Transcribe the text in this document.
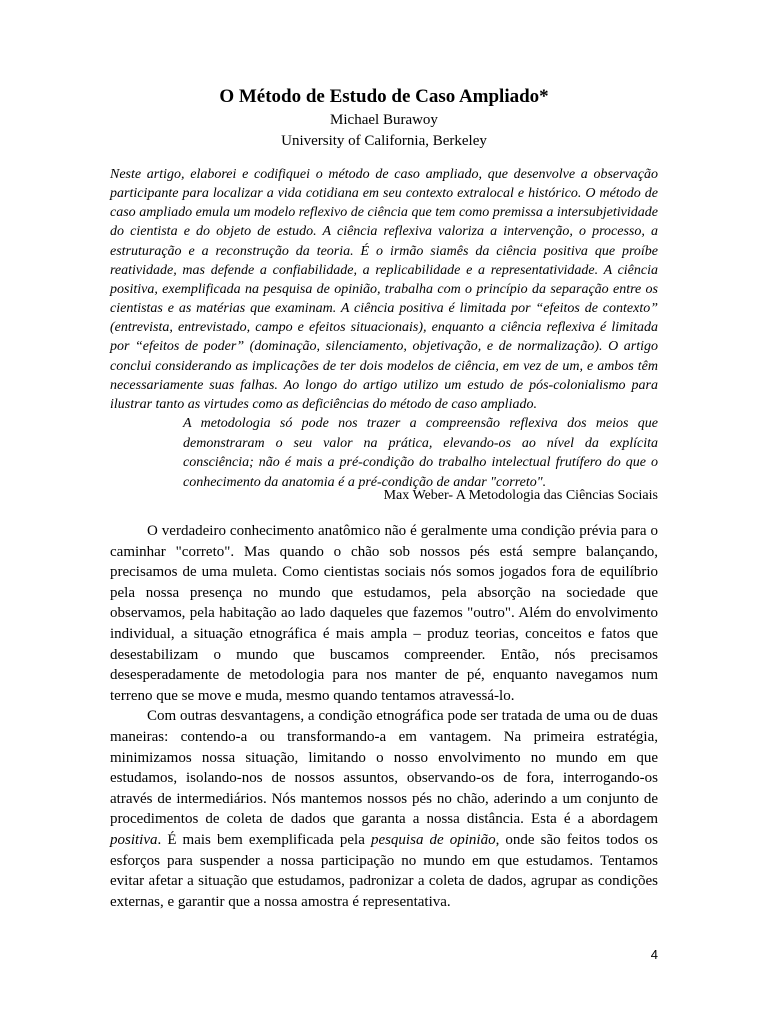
O Método de Estudo de Caso Ampliado*

Michael Burawoy

University of California, Berkeley

Neste artigo, elaborei e codifiquei o método de caso ampliado, que desenvolve a observação participante para localizar a vida cotidiana em seu contexto extralocal e histórico. O método de caso ampliado emula um modelo reflexivo de ciência que tem como premissa a intersubjetividade do cientista e do objeto de estudo. A ciência reflexiva valoriza a intervenção, o processo, a estruturação e a reconstrução da teoria. É o irmão siamês da ciência positiva que proíbe reatividade, mas defende a confiabilidade, a replicabilidade e a representatividade. A ciência positiva, exemplificada na pesquisa de opinião, trabalha com o princípio da separação entre os cientistas e as matérias que examinam. A ciência positiva é limitada por “efeitos de contexto” (entrevista, entrevistado, campo e efeitos situacionais), enquanto a ciência reflexiva é limitada por “efeitos de poder” (dominação, silenciamento, objetivação, e de normalização). O artigo conclui considerando as implicações de ter dois modelos de ciência, em vez de um, e ambos têm necessariamente suas falhas. Ao longo do artigo utilizo um estudo de pós-colonialismo para ilustrar tanto as virtudes como as deficiências do método de caso ampliado.

A metodologia só pode nos trazer a compreensão reflexiva dos meios que demonstraram o seu valor na prática, elevando-os ao nível da explícita consciência; não é mais a pré-condição do trabalho intelectual frutífero do que o conhecimento da anatomia é a pré-condição de andar "correto".

Max Weber- A Metodologia das Ciências Sociais

O verdadeiro conhecimento anatômico não é geralmente uma condição prévia para o caminhar "correto". Mas quando o chão sob nossos pés está sempre balançando, precisamos de uma muleta. Como cientistas sociais nós somos jogados fora de equilíbrio pela nossa presença no mundo que estudamos, pela absorção na sociedade que observamos, pela habitação ao lado daqueles que fazemos "outro". Além do envolvimento individual, a situação etnográfica é mais ampla – produz teorias, conceitos e fatos que desestabilizam o mundo que buscamos compreender. Então, nós precisamos desesperadamente de metodologia para nos manter de pé, enquanto navegamos num terreno que se move e muda, mesmo quando tentamos atravessá-lo.

Com outras desvantagens, a condição etnográfica pode ser tratada de uma ou de duas maneiras: contendo-a ou transformando-a em vantagem. Na primeira estratégia, minimizamos nossa situação, limitando o nosso envolvimento no mundo em que estudamos, isolando-nos de nossos assuntos, observando-os de fora, interrogando-os através de intermediários. Nós mantemos nossos pés no chão, aderindo a um conjunto de procedimentos de coleta de dados que garanta a nossa distância. Esta é a abordagem positiva. É mais bem exemplificada pela pesquisa de opinião, onde são feitos todos os esforços para suspender a nossa participação no mundo em que estudamos. Tentamos evitar afetar a situação que estudamos, padronizar a coleta de dados, agrupar as condições externas, e garantir que a nossa amostra é representativa.

4
